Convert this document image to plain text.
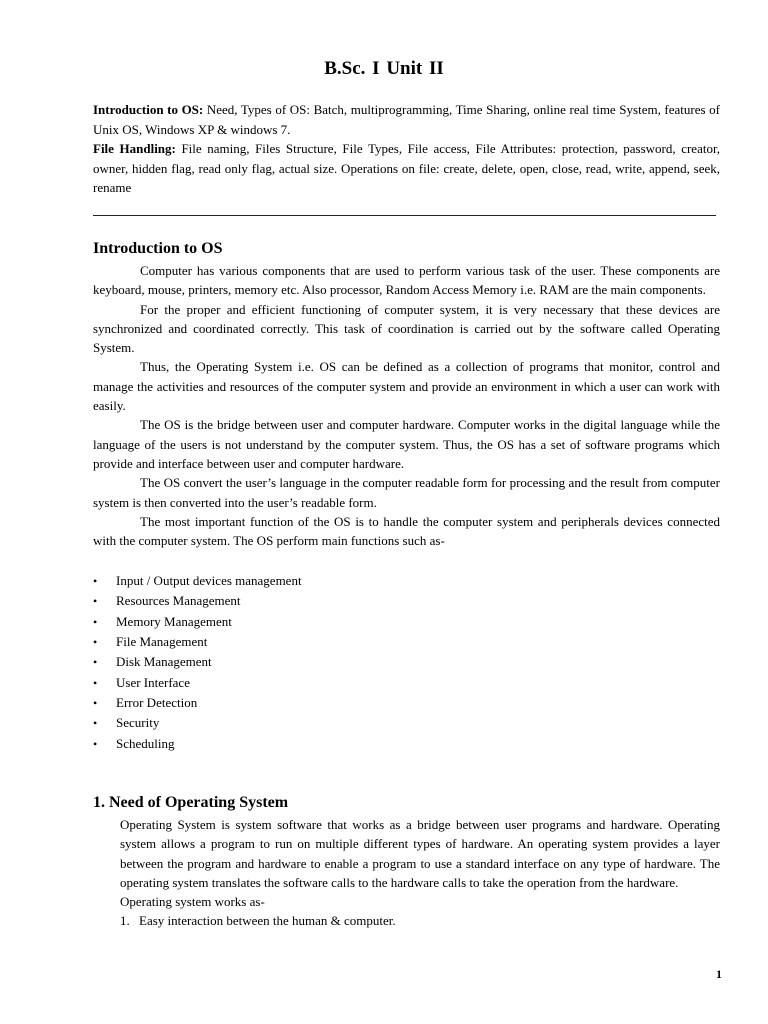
B.Sc. I Unit II

Introduction to OS: Need, Types of OS: Batch, multiprogramming, Time Sharing, online real time System, features of Unix OS, Windows XP & windows 7.

File Handling: File naming, Files Structure, File Types, File access, File Attributes: protection, password, creator, owner, hidden flag, read only flag, actual size. Operations on file: create, delete, open, close, read, write, append, seek, rename

Introduction to OS

Computer has various components that are used to perform various task of the user. These components are keyboard, mouse, printers, memory etc. Also processor, Random Access Memory i.e. RAM are the main components.

For the proper and efficient functioning of computer system, it is very necessary that these devices are synchronized and coordinated correctly. This task of coordination is carried out by the software called Operating System.

Thus, the Operating System i.e. OS can be defined as a collection of programs that monitor, control and manage the activities and resources of the computer system and provide an environment in which a user can work with easily.

The OS is the bridge between user and computer hardware. Computer works in the digital language while the language of the users is not understand by the computer system. Thus, the OS has a set of software programs which provide and interface between user and computer hardware.

The OS convert the user’s language in the computer readable form for processing and the result from computer system is then converted into the user’s readable form.

The most important function of the OS is to handle the computer system and peripherals devices connected with the computer system. The OS perform main functions such as-

• Input / Output devices management
• Resources Management
• Memory Management
• File Management
• Disk Management
• User Interface
• Error Detection
• Security
• Scheduling
1. Need of Operating System

Operating System is system software that works as a bridge between user programs and hardware. Operating system allows a program to run on multiple different types of hardware. An operating system provides a layer between the program and hardware to enable a program to use a standard interface on any type of hardware. The operating system translates the software calls to the hardware calls to take the operation from the hardware.

Operating system works as-

1. Easy interaction between the human & computer.

1
